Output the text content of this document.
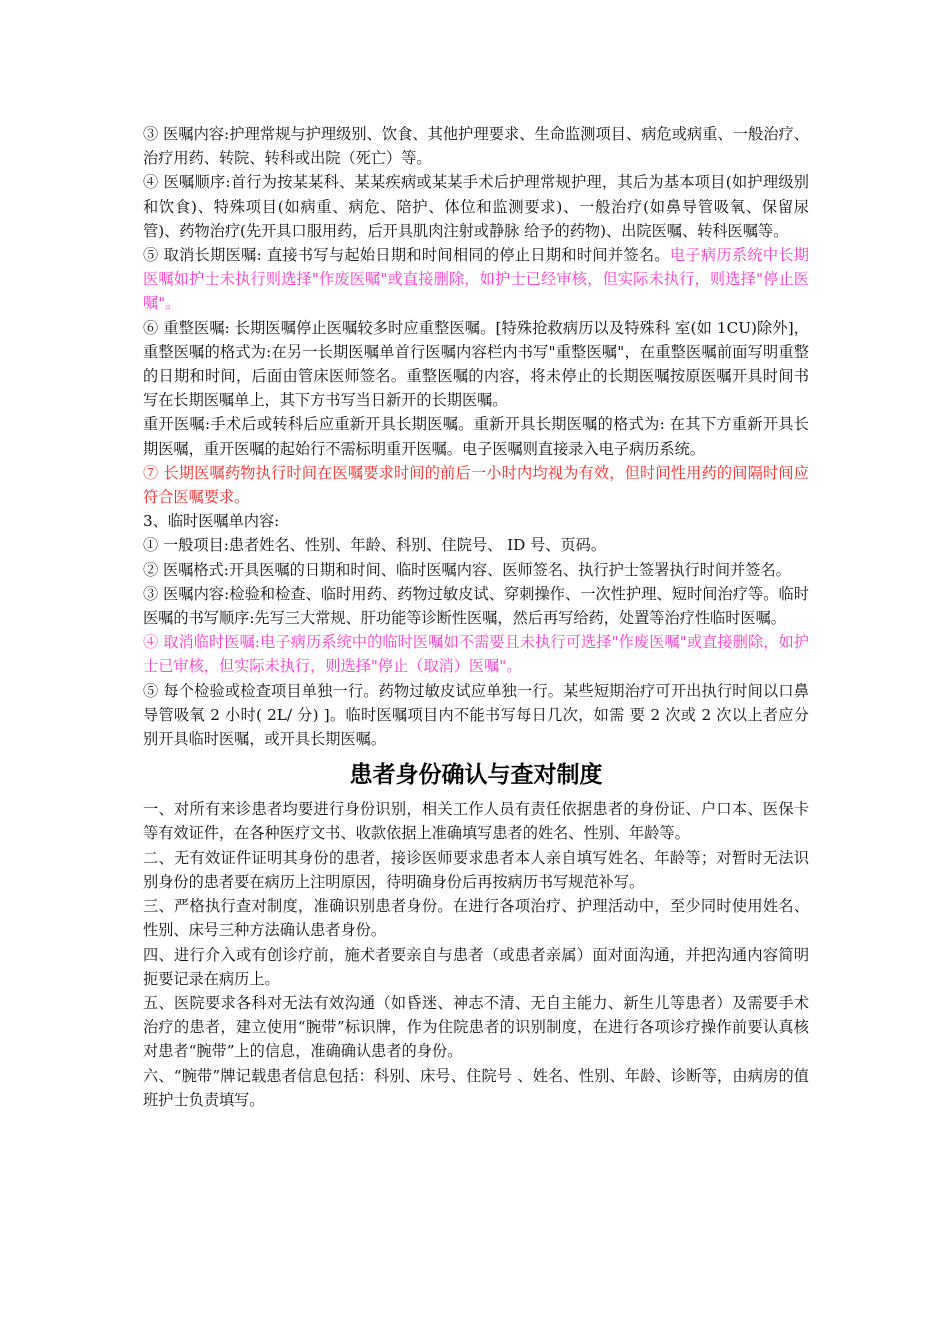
③ 医嘱内容:护理常规与护理级别、饮食、其他护理要求、生命监测项目、病危或病重、一般治疗、治疗用药、转院、转科或出院（死亡）等。

④ 医嘱顺序:首行为按某某科、某某疾病或某某手术后护理常规护理，其后为基本项目(如护理级别和饮食)、特殊项目(如病重、病危、陪护、体位和监测要求)、一般治疗(如鼻导管吸氧、保留尿管)、药物治疗(先开具口服用药，后开具肌肉注射或静脉 给予的药物)、出院医嘱、转科医嘱等。

⑤ 取消长期医嘱: 直接书写与起始日期和时间相同的停止日期和时间并签名。电子病历系统中长期医嘱如护士未执行则选择"作废医嘱"或直接删除，如护士已经审核，但实际未执行，则选择"停止医嘱"。

⑥ 重整医嘱: 长期医嘱停止医嘱较多时应重整医嘱。[特殊抢救病历以及特殊科 室(如 1CU)除外]，重整医嘱的格式为:在另一长期医嘱单首行医嘱内容栏内书写"重整医嘱"，在重整医嘱前面写明重整的日期和时间，后面由管床医师签名。重整医嘱的内容，将未停止的长期医嘱按原医嘱开具时间书写在长期医嘱单上，其下方书写当日新开的长期医嘱。

重开医嘱:手术后或转科后应重新开具长期医嘱。重新开具长期医嘱的格式为: 在其下方重新开具长期医嘱，重开医嘱的起始行不需标明重开医嘱。电子医嘱则直接录入电子病历系统。

⑦ 长期医嘱药物执行时间在医嘱要求时间的前后一小时内均视为有效，但时间性用药的间隔时间应符合医嘱要求。

3、临时医嘱单内容:

① 一般项目:患者姓名、性别、年龄、科别、住院号、 ID 号、页码。

② 医嘱格式:开具医嘱的日期和时间、临时医嘱内容、医师签名、执行护士签署执行时间并签名。

③ 医嘱内容:检验和检查、临时用药、药物过敏皮试、穿刺操作、一次性护理、短时间治疗等。临时医嘱的书写顺序:先写三大常规、肝功能等诊断性医嘱，然后再写给药，处置等治疗性临时医嘱。

④ 取消临时医嘱:电子病历系统中的临时医嘱如不需要且未执行可选择"作废医嘱"或直接删除，如护士已审核，但实际未执行，则选择"停止（取消）医嘱"。

⑤ 每个检验或检查项目单独一行。药物过敏皮试应单独一行。某些短期治疗可开出执行时间以口鼻导管吸氧 2 小时( 2L/ 分) ]。临时医嘱项目内不能书写每日几次，如需 要 2 次或 2 次以上者应分别开具临时医嘱，或开具长期医嘱。

患者身份确认与查对制度

一、对所有来诊患者均要进行身份识别，相关工作人员有责任依据患者的身份证、户口本、医保卡等有效证件，在各种医疗文书、收款依据上准确填写患者的姓名、性别、年龄等。

二、无有效证件证明其身份的患者，接诊医师要求患者本人亲自填写姓名、年龄等；对暂时无法识别身份的患者要在病历上注明原因，待明确身份后再按病历书写规范补写。

三、严格执行查对制度，准确识别患者身份。在进行各项治疗、护理活动中，至少同时使用姓名、性别、床号三种方法确认患者身份。

四、进行介入或有创诊疗前，施术者要亲自与患者（或患者亲属）面对面沟通，并把沟通内容简明扼要记录在病历上。

五、医院要求各科对无法有效沟通（如昏迷、神志不清、无自主能力、新生儿等患者）及需要手术治疗的患者，建立使用“腕带”标识牌，作为住院患者的识别制度，在进行各项诊疗操作前要认真核对患者“腕带”上的信息，准确确认患者的身份。

六、“腕带”牌记载患者信息包括：科别、床号、住院号 、姓名、性别、年龄、诊断等，由病房的值班护士负责填写。
